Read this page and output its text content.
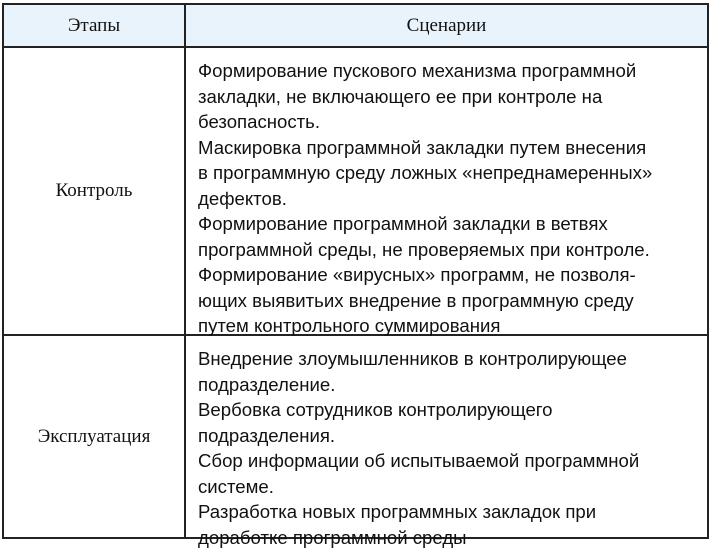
Этапы	Сценарии
Контроль
Формирование пускового механизма программной
закладки, не включающего ее при контроле на
безопасность.
Маскировка программной закладки путем внесения
в программную среду ложных «непреднамеренных»
дефектов.
Формирование программной закладки в ветвях
программной среды, не проверяемых при контроле.
Формирование «вирусных» программ, не позволя-
ющих выявитьих внедрение в программную среду
путем контрольного суммирования
Эксплуатация
Внедрение злоумышленников в контролирующее
подразделение.
Вербовка сотрудников контролирующего
подразделения.
Сбор информации об испытываемой программной
системе.
Разработка новых программных закладок при
доработке программной среды
